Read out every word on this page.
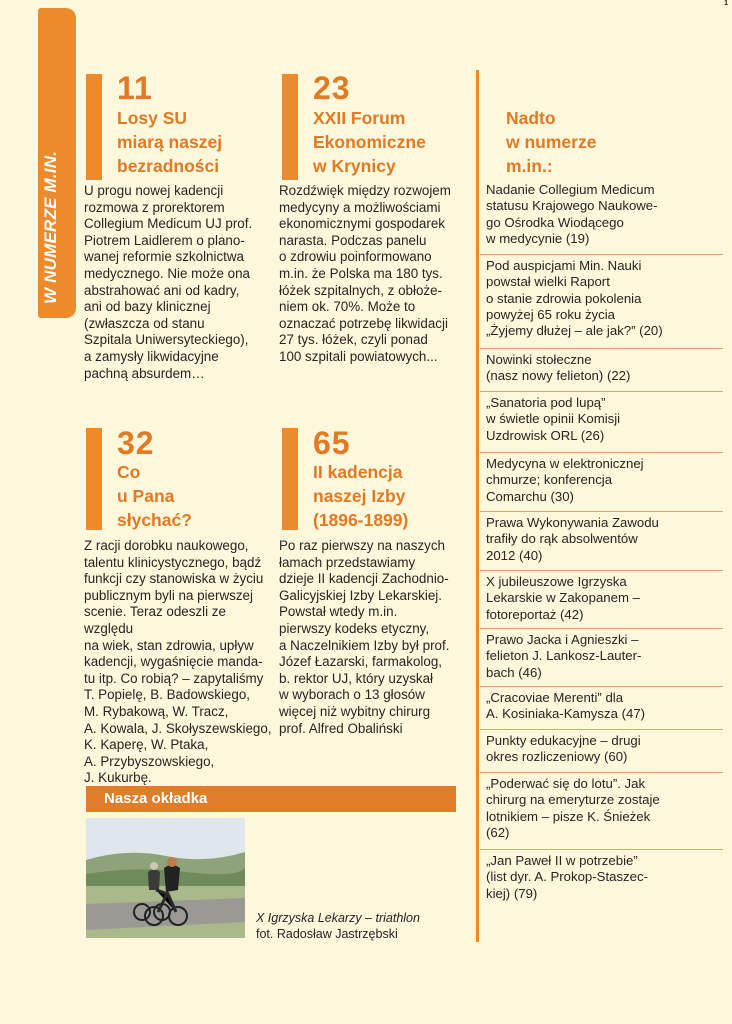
1
W NUMERZE M.IN.
11
Losy SU
miarą naszej
bezradności
U progu nowej kadencji
rozmowa z prorektorem
Collegium Medicum UJ prof.
Piotrem Laidlerem o plano-
wanej reformie szkolnictwa
medycznego. Nie może ona
abstrahować ani od kadry,
ani od bazy klinicznej
(zwłaszcza od stanu
Szpitala Uniwersyteckiego),
a zamysły likwidacyjne
pachną absurdem…
23
XXII Forum
Ekonomiczne
w Krynicy
Rozdźwięk między rozwojem
medycyny a możliwościami
ekonomicznymi gospodarek
narasta. Podczas panelu
o zdrowiu poinformowano
m.in. że Polska ma 180 tys.
łóżek szpitalnych, z obłoże-
niem ok. 70%. Może to
oznaczać potrzebę likwidacji
27 tys. łóżek, czyli ponad
100 szpitali powiatowych...
32
Co
u Pana
słychać?
Z racji dorobku naukowego,
talentu klinicystycznego, bądź
funkcji czy stanowiska w życiu
publicznym byli na pierwszej
scenie. Teraz odeszli ze względu
na wiek, stan zdrowia, upływ
kadencji, wygaśnięcie manda-
tu itp. Co robią? – zapytaliśmy
T. Popielę, B. Badowskiego,
M. Rybakową, W. Tracz,
A. Kowala, J. Skołyszewskiego,
K. Kaperę, W. Ptaka,
A. Przybyszowskiego,
J. Kukurbę.
65
II kadencja
naszej Izby
(1896-1899)
Po raz pierwszy na naszych
łamach przedstawiamy
dzieje II kadencji Zachodnio-
Galicyjskiej Izby Lekarskiej.
Powstał wtedy m.in.
pierwszy kodeks etyczny,
a Naczelnikiem Izby był prof.
Józef Łazarski, farmakolog,
b. rektor UJ, który uzyskał
w wyborach o 13 głosów
więcej niż wybitny chirurg
prof. Alfred Obaliński
Nadto
w numerze
m.in.:
Nadanie Collegium Medicum
statusu Krajowego Naukowe-
go Ośrodka Wiodącego
w medycynie (19)
Pod auspicjami Min. Nauki
powstał wielki Raport
o stanie zdrowia pokolenia
powyżej 65 roku życia
„Żyjemy dłużej – ale jak?” (20)
Nowinki stołeczne
(nasz nowy felieton) (22)
„Sanatoria pod lupą”
w świetle opinii Komisji
Uzdrowisk ORL (26)
Medycyna w elektronicznej
chmurze; konferencja
Comarchu (30)
Prawa Wykonywania Zawodu
trafiły do rąk absolwentów
2012 (40)
X jubileuszowe Igrzyska
Lekarskie w Zakopanem –
fotoreportaż (42)
Prawo Jacka i Agnieszki –
felieton J. Lankosz-Lauter-
bach (46)
„Cracoviae Merenti” dla
A. Kosiniaka-Kamysza (47)
Punkty edukacyjne – drugi
okres rozliczeniowy (60)
„Poderwać się do lotu”. Jak
chirurg na emeryturze zostaje
lotnikiem – pisze K. Śnieżek
(62)
„Jan Paweł II w potrzebie”
(list dyr. A. Prokop-Staszec-
kiej) (79)
Nasza okładka
X Igrzyska Lekarzy – triathlon
fot. Radosław Jastrzębski
